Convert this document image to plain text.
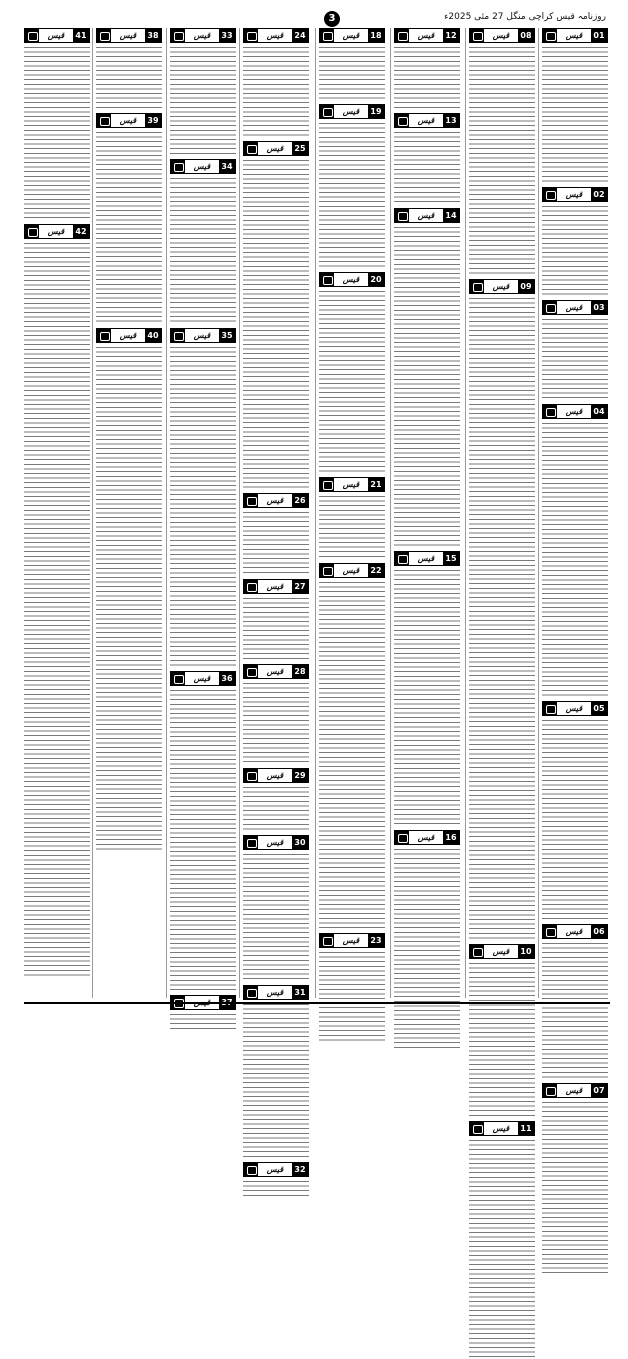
3	روزنامہ قیس کراچی منگل 27 مئی 2025ء
قیس	01
قیس	02
قیس	03
قیس	04
قیس	05
قیس	06
قیس	07
قیس	08
قیس	09
قیس	10
قیس	11
قیس	12
قیس	13
قیس	14
قیس	15
قیس	16
قیس	18
قیس	19
قیس	20
قیس	21
قیس	22
قیس	23
قیس	24
قیس	25
قیس	26
قیس	27
قیس	28
قیس	29
قیس	30
قیس	31
قیس	32
قیس	33
قیس	34
قیس	35
قیس	36
قیس	38
قیس	39
قیس	40
قیس	41
قیس	42
